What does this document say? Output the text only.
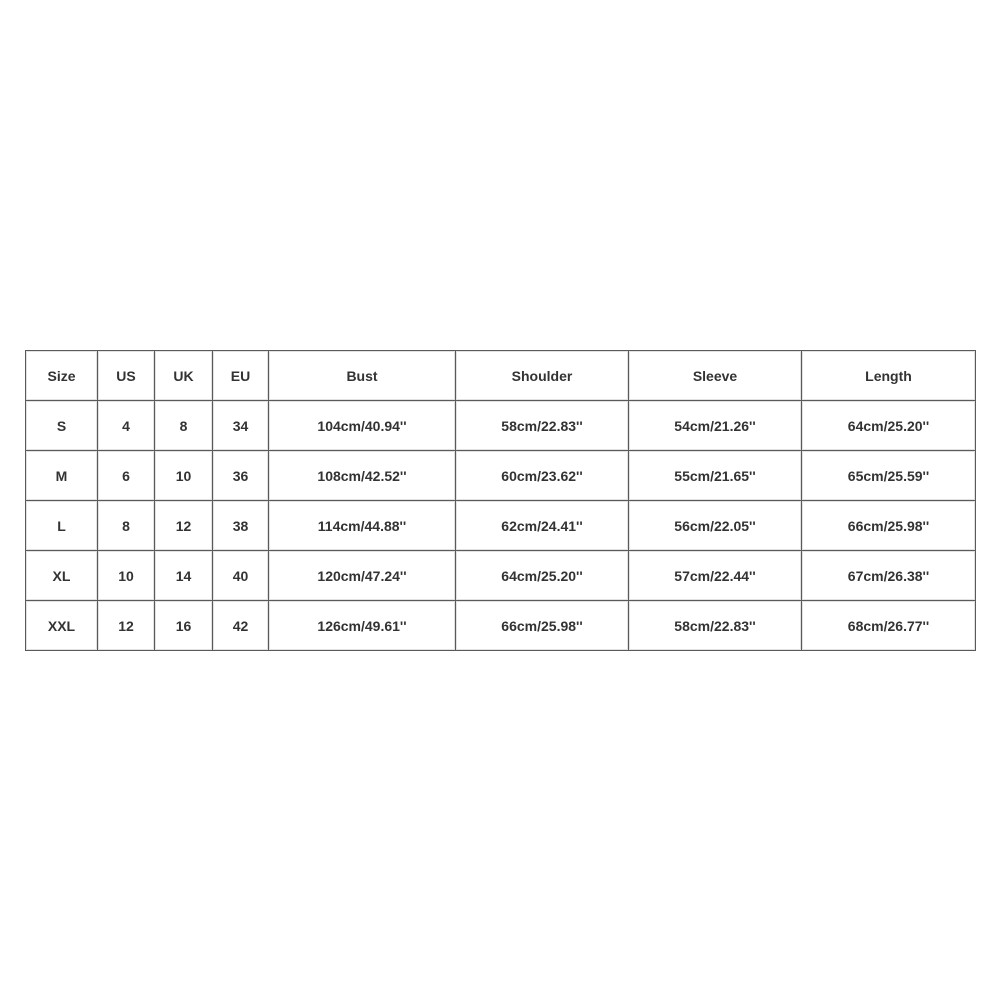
Size	US	UK	EU	Bust	Shoulder	Sleeve	Length
S	4	8	34	104cm/40.94''	58cm/22.83''	54cm/21.26''	64cm/25.20''
M	6	10	36	108cm/42.52''	60cm/23.62''	55cm/21.65''	65cm/25.59''
L	8	12	38	114cm/44.88''	62cm/24.41''	56cm/22.05''	66cm/25.98''
XL	10	14	40	120cm/47.24''	64cm/25.20''	57cm/22.44''	67cm/26.38''
XXL	12	16	42	126cm/49.61''	66cm/25.98''	58cm/22.83''	68cm/26.77''
